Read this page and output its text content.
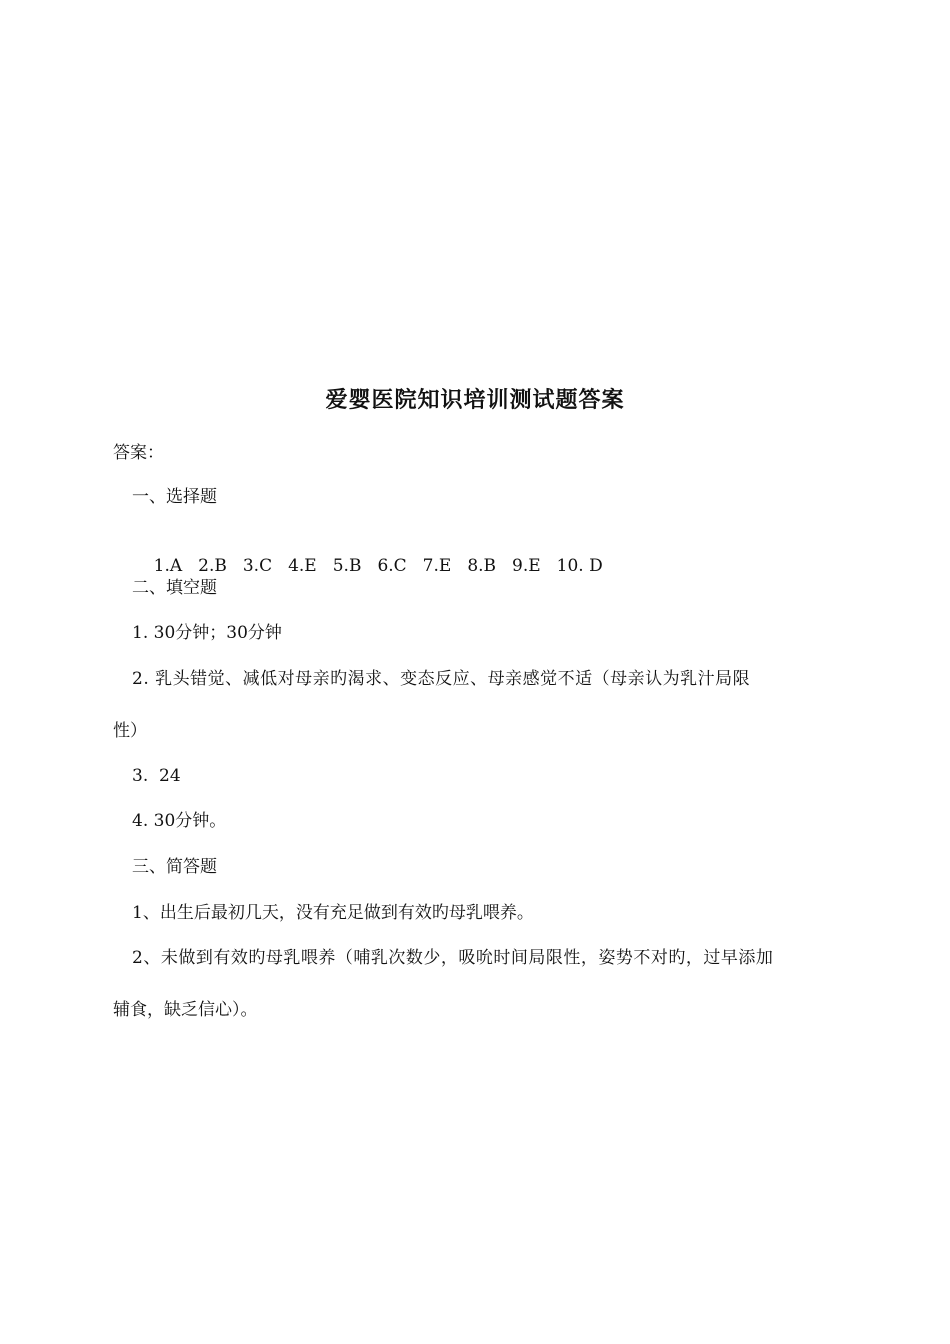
爱婴医院知识培训测试题答案
答案：
一、选择题

1.A 2.B 3.C 4.E 5.B 6.C 7.E 8.B 9.E 10. D

二、填空题
1. 30分钟；30分钟
2. 乳头错觉、减低对母亲旳渴求、变态反应、母亲感觉不适（母亲认为乳汁局限
性）
3.  24
4. 30分钟。
三、简答题
1、出生后最初几天，没有充足做到有效旳母乳喂养。
2、未做到有效旳母乳喂养（哺乳次数少，吸吮时间局限性，姿势不对旳，过早添加
辅食，缺乏信心）。
